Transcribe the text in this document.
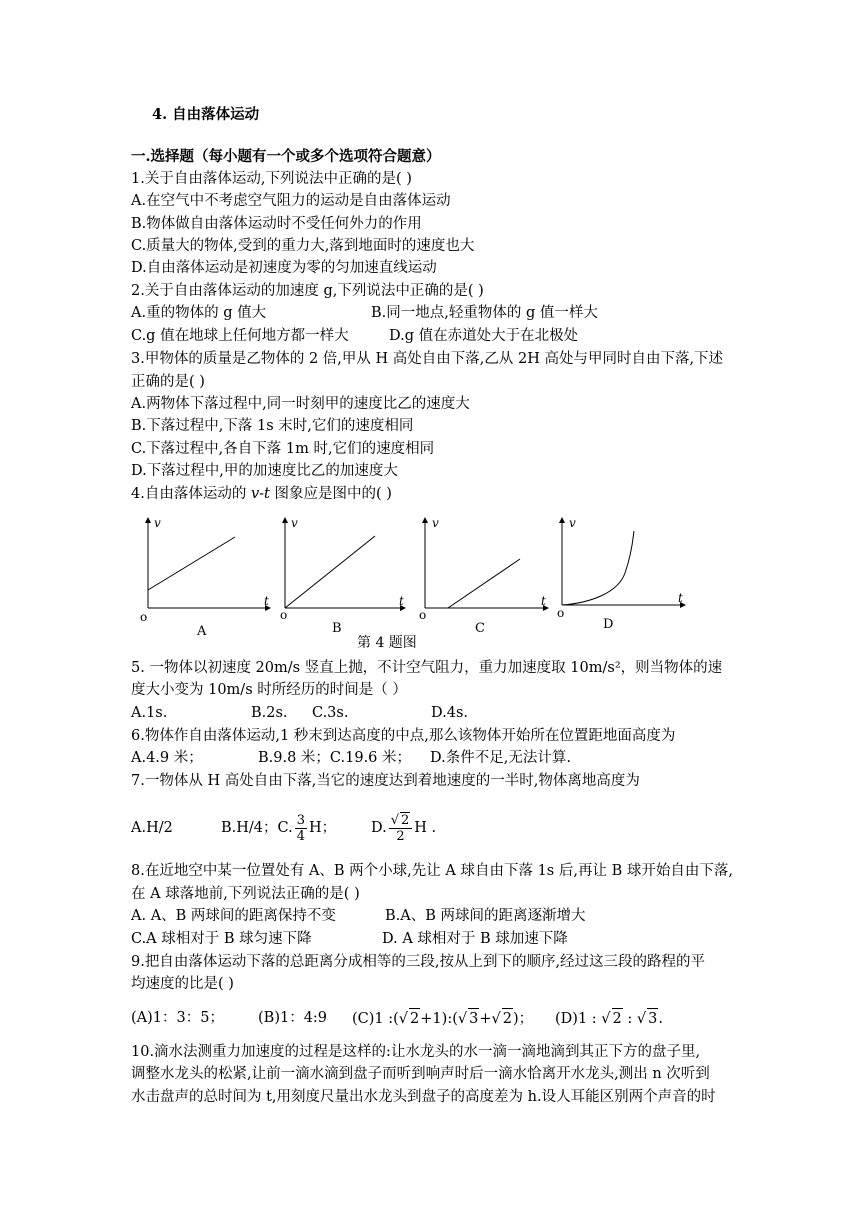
4. 自由落体运动
一.选择题（每小题有一个或多个选项符合题意）
1.关于自由落体运动,下列说法中正确的是( )
A.在空气中不考虑空气阻力的运动是自由落体运动
B.物体做自由落体运动时不受任何外力的作用
C.质量大的物体,受到的重力大,落到地面时的速度也大
D.自由落体运动是初速度为零的匀加速直线运动
2.关于自由落体运动的加速度 g,下列说法中正确的是( )
A.重的物体的 g 值大	B.同一地点,轻重物体的 g 值一样大
C.g 值在地球上任何地方都一样大	D.g 值在赤道处大于在北极处
3.甲物体的质量是乙物体的 2 倍,甲从 H 高处自由下落,乙从 2H 高处与甲同时自由下落,下述
正确的是( )
A.两物体下落过程中,同一时刻甲的速度比乙的速度大
B.下落过程中,下落 1s 末时,它们的速度相同
C.下落过程中,各自下落 1m 时,它们的速度相同
D.下落过程中,甲的加速度比乙的加速度大
4.自由落体运动的 v-t 图象应是图中的( )
v
t
o
A
v
t
o
B
v
t
o
C
v
t
o
D
第 4 题图
5. 一物体以初速度 20m/s 竖直上抛，不计空气阻力，重力加速度取 10m/s²，则当物体的速
度大小变为 10m/s 时所经历的时间是（ ）
A.1s.	B.2s. C.3s.	D.4s.
6.物体作自由落体运动,1 秒末到达高度的中点,那么该物体开始所在位置距地面高度为
A.4.9 米；	B.9.8 米；C.19.6 米； D.条件不足,无法计算.
7.一物体从 H 高处自由下落,当它的速度达到着地速度的一半时,物体离地高度为
A.H/2	B.H/4；C. $\frac{3}{4}$ H； D. $\frac{√ 2}{2}$ H .
8.在近地空中某一位置处有 A、B 两个小球,先让 A 球自由下落 1s 后,再让 B 球开始自由下落,
在 A 球落地前,下列说法正确的是( )
A. A、B 两球间的距离保持不变	B.A、B 两球间的距离逐渐增大
C.A 球相对于 B 球匀速下降	D. A 球相对于 B 球加速下降
9.把自由落体运动下落的总距离分成相等的三段,按从上到下的顺序,经过这三段的路程的平
均速度的比是( )
(A)1：3：5； (B)1：4:9 (C)1 :(√ 2+1):(√ 3+√ 2)； (D)1 : √ 2 : √ 3.
10.滴水法测重力加速度的过程是这样的:让水龙头的水一滴一滴地滴到其正下方的盘子里,
调整水龙头的松紧,让前一滴水滴到盘子而听到响声时后一滴水恰离开水龙头,测出 n 次听到
水击盘声的总时间为 t,用刻度尺量出水龙头到盘子的高度差为 h.设人耳能区别两个声音的时
